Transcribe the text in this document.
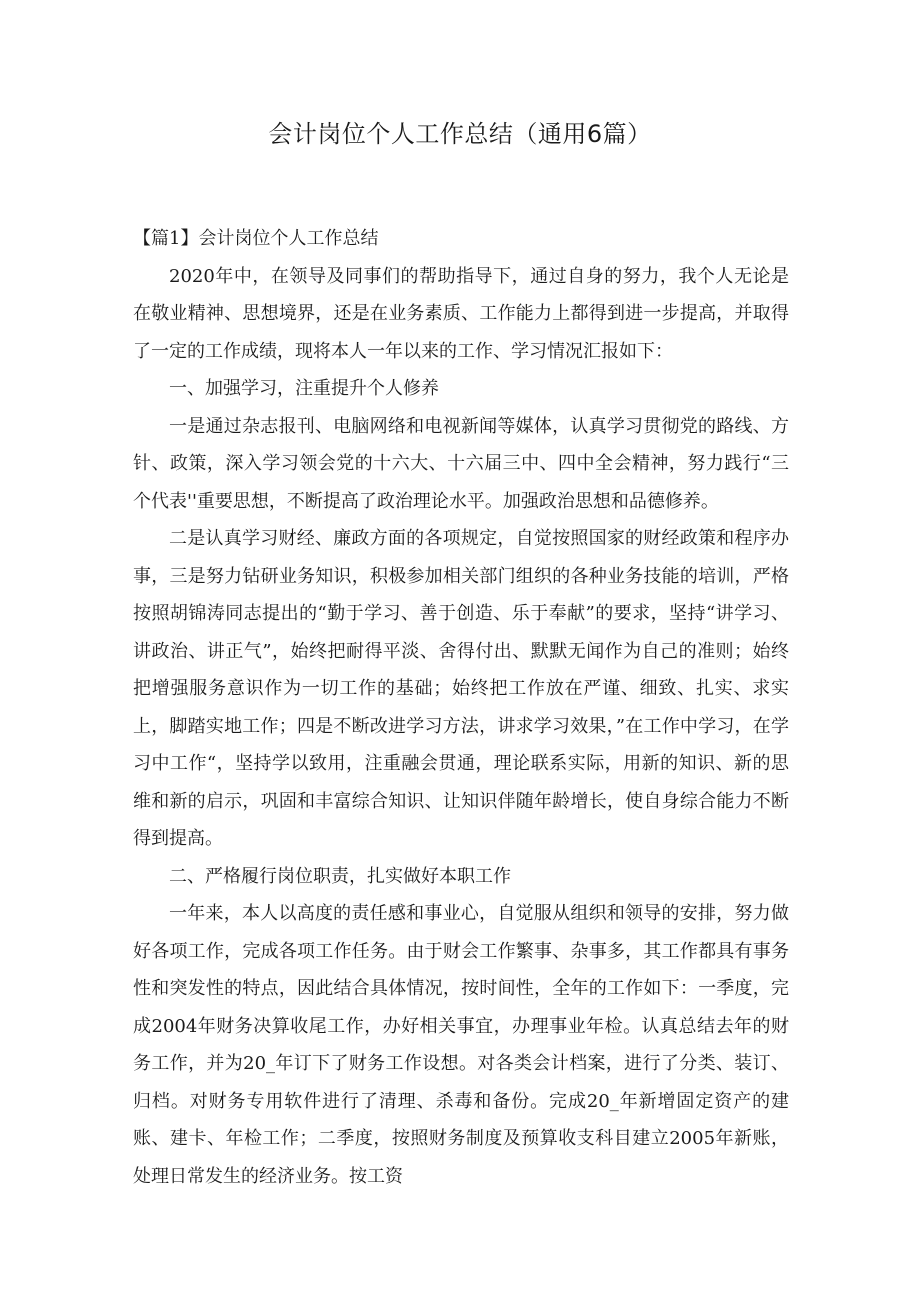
会计岗位个人工作总结（通用6篇）

【篇1】会计岗位个人工作总结

2020年中，在领导及同事们的帮助指导下，通过自身的努力，我个人无论是在敬业精神、思想境界，还是在业务素质、工作能力上都得到进一步提高，并取得了一定的工作成绩，现将本人一年以来的工作、学习情况汇报如下：

一、加强学习，注重提升个人修养

一是通过杂志报刊、电脑网络和电视新闻等媒体，认真学习贯彻党的路线、方针、政策，深入学习领会党的十六大、十六届三中、四中全会精神，努力践行“三个代表''重要思想，不断提高了政治理论水平。加强政治思想和品德修养。

二是认真学习财经、廉政方面的各项规定，自觉按照国家的财经政策和程序办事，三是努力钻研业务知识，积极参加相关部门组织的各种业务技能的培训，严格按照胡锦涛同志提出的“勤于学习、善于创造、乐于奉献”的要求，坚持“讲学习、讲政治、讲正气”，始终把耐得平淡、舍得付出、默默无闻作为自己的准则；始终把增强服务意识作为一切工作的基础；始终把工作放在严谨、细致、扎实、求实上，脚踏实地工作；四是不断改进学习方法，讲求学习效果，”在工作中学习，在学习中工作“，坚持学以致用，注重融会贯通，理论联系实际，用新的知识、新的思维和新的启示，巩固和丰富综合知识、让知识伴随年龄增长，使自身综合能力不断得到提高。

二、严格履行岗位职责，扎实做好本职工作

一年来，本人以高度的责任感和事业心，自觉服从组织和领导的安排，努力做好各项工作，完成各项工作任务。由于财会工作繁事、杂事多，其工作都具有事务性和突发性的特点，因此结合具体情况，按时间性，全年的工作如下：一季度，完成2004年财务决算收尾工作，办好相关事宜，办理事业年检。认真总结去年的财务工作，并为20_年订下了财务工作设想。对各类会计档案，进行了分类、装订、归档。对财务专用软件进行了清理、杀毒和备份。完成20_年新增固定资产的建账、建卡、年检工作；二季度，按照财务制度及预算收支科目建立2005年新账，处理日常发生的经济业务。按工资
